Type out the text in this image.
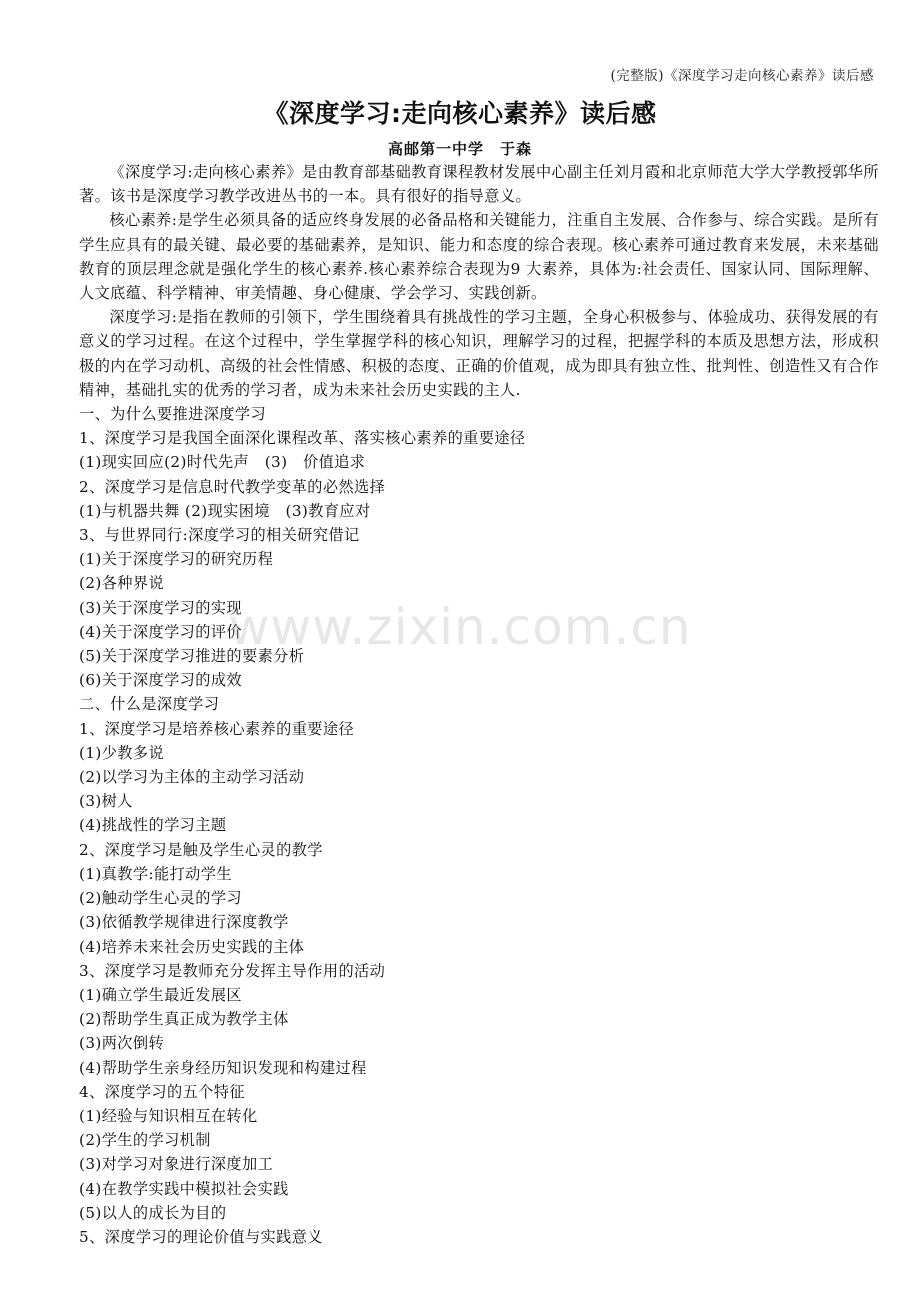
(完整版)《深度学习走向核心素养》读后感
《深度学习:走向核心素养》读后感
高邮第一中学　于森

《深度学习:走向核心素养》是由教育部基础教育课程教材发展中心副主任刘月霞和北京师范大学大学教授郭华所著。该书是深度学习教学改进丛书的一本。具有很好的指导意义。

核心素养:是学生必须具备的适应终身发展的必备品格和关键能力，注重自主发展、合作参与、综合实践。是所有学生应具有的最关键、最必要的基础素养，是知识、能力和态度的综合表现。核心素养可通过教育来发展，未来基础教育的顶层理念就是强化学生的核心素养.核心素养综合表现为9 大素养，具体为:社会责任、国家认同、国际理解、人文底蕴、科学精神、审美情趣、身心健康、学会学习、实践创新。

深度学习:是指在教师的引领下，学生围绕着具有挑战性的学习主题，全身心积极参与、体验成功、获得发展的有意义的学习过程。在这个过程中，学生掌握学科的核心知识，理解学习的过程，把握学科的本质及思想方法，形成积极的内在学习动机、高级的社会性情感、积极的态度、正确的价值观，成为即具有独立性、批判性、创造性又有合作精神，基础扎实的优秀的学习者，成为未来社会历史实践的主人.

一、为什么要推进深度学习

1、深度学习是我国全面深化课程改革、落实核心素养的重要途径

(1)现实回应(2)时代先声　(3)　价值追求

2、深度学习是信息时代教学变革的必然选择

(1)与机器共舞 (2)现实困境　(3)教育应对

3、与世界同行:深度学习的相关研究借记

(1)关于深度学习的研究历程

(2)各种界说

(3)关于深度学习的实现

(4)关于深度学习的评价

(5)关于深度学习推进的要素分析

(6)关于深度学习的成效

二、什么是深度学习

1、深度学习是培养核心素养的重要途径

(1)少教多说

(2)以学习为主体的主动学习活动

(3)树人

(4)挑战性的学习主题

2、深度学习是触及学生心灵的教学

(1)真教学:能打动学生

(2)触动学生心灵的学习

(3)依循教学规律进行深度教学

(4)培养未来社会历史实践的主体

3、深度学习是教师充分发挥主导作用的活动

(1)确立学生最近发展区

(2)帮助学生真正成为教学主体

(3)两次倒转

(4)帮助学生亲身经历知识发现和构建过程

4、深度学习的五个特征

(1)经验与知识相互在转化

(2)学生的学习机制

(3)对学习对象进行深度加工

(4)在教学实践中模拟社会实践

(5)以人的成长为目的

5、深度学习的理论价值与实践意义

www.zixin.com.cn
